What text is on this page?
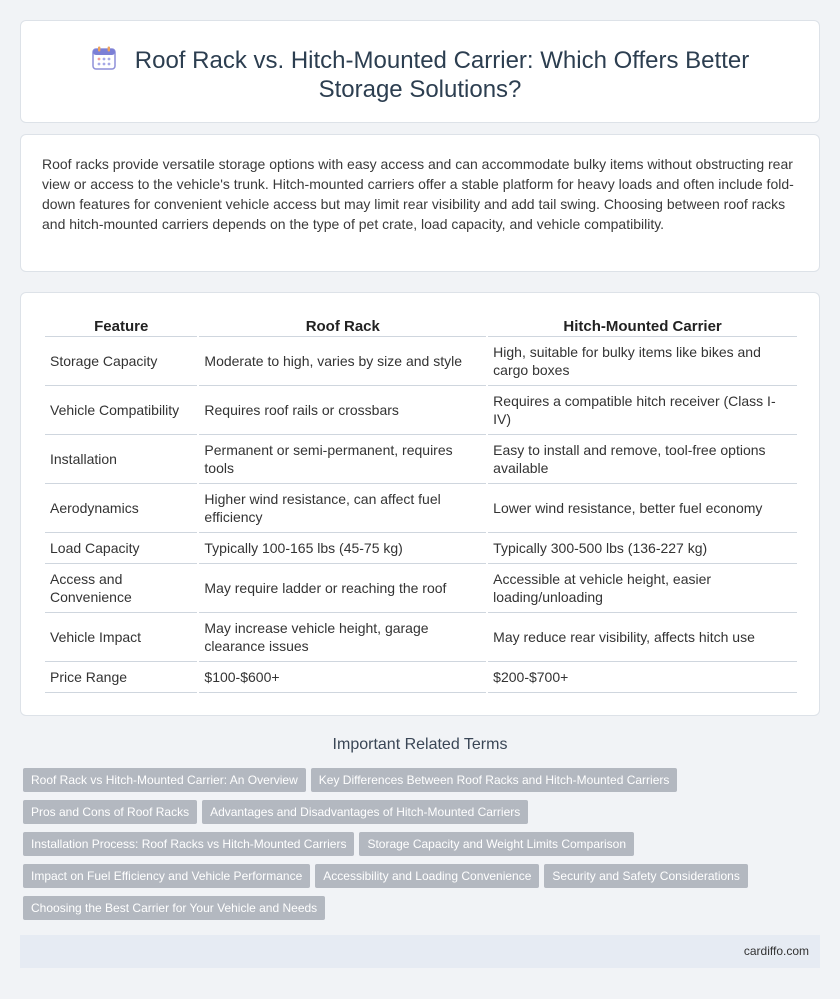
Roof Rack vs. Hitch-Mounted Carrier: Which Offers Better Storage Solutions?

Roof racks provide versatile storage options with easy access and can accommodate bulky items without obstructing rear view or access to the vehicle's trunk. Hitch-mounted carriers offer a stable platform for heavy loads and often include fold-down features for convenient vehicle access but may limit rear visibility and add tail swing. Choosing between roof racks and hitch-mounted carriers depends on the type of pet crate, load capacity, and vehicle compatibility.

Feature	Roof Rack	Hitch-Mounted Carrier
Storage Capacity	Moderate to high, varies by size and style	High, suitable for bulky items like bikes and cargo boxes
Vehicle Compatibility	Requires roof rails or crossbars	Requires a compatible hitch receiver (Class I-IV)
Installation	Permanent or semi-permanent, requires tools	Easy to install and remove, tool-free options available
Aerodynamics	Higher wind resistance, can affect fuel efficiency	Lower wind resistance, better fuel economy
Load Capacity	Typically 100-165 lbs (45-75 kg)	Typically 300-500 lbs (136-227 kg)
Access and Convenience	May require ladder or reaching the roof	Accessible at vehicle height, easier loading/unloading
Vehicle Impact	May increase vehicle height, garage clearance issues	May reduce rear visibility, affects hitch use
Price Range	$100-$600+	$200-$700+
Important Related Terms
Roof Rack vs Hitch-Mounted Carrier: An Overview Key Differences Between Roof Racks and Hitch-Mounted Carriers
Pros and Cons of Roof Racks Advantages and Disadvantages of Hitch-Mounted Carriers
Installation Process: Roof Racks vs Hitch-Mounted Carriers Storage Capacity and Weight Limits Comparison
Impact on Fuel Efficiency and Vehicle Performance Accessibility and Loading Convenience Security and Safety Considerations
Choosing the Best Carrier for Your Vehicle and Needs
cardiffo.com
